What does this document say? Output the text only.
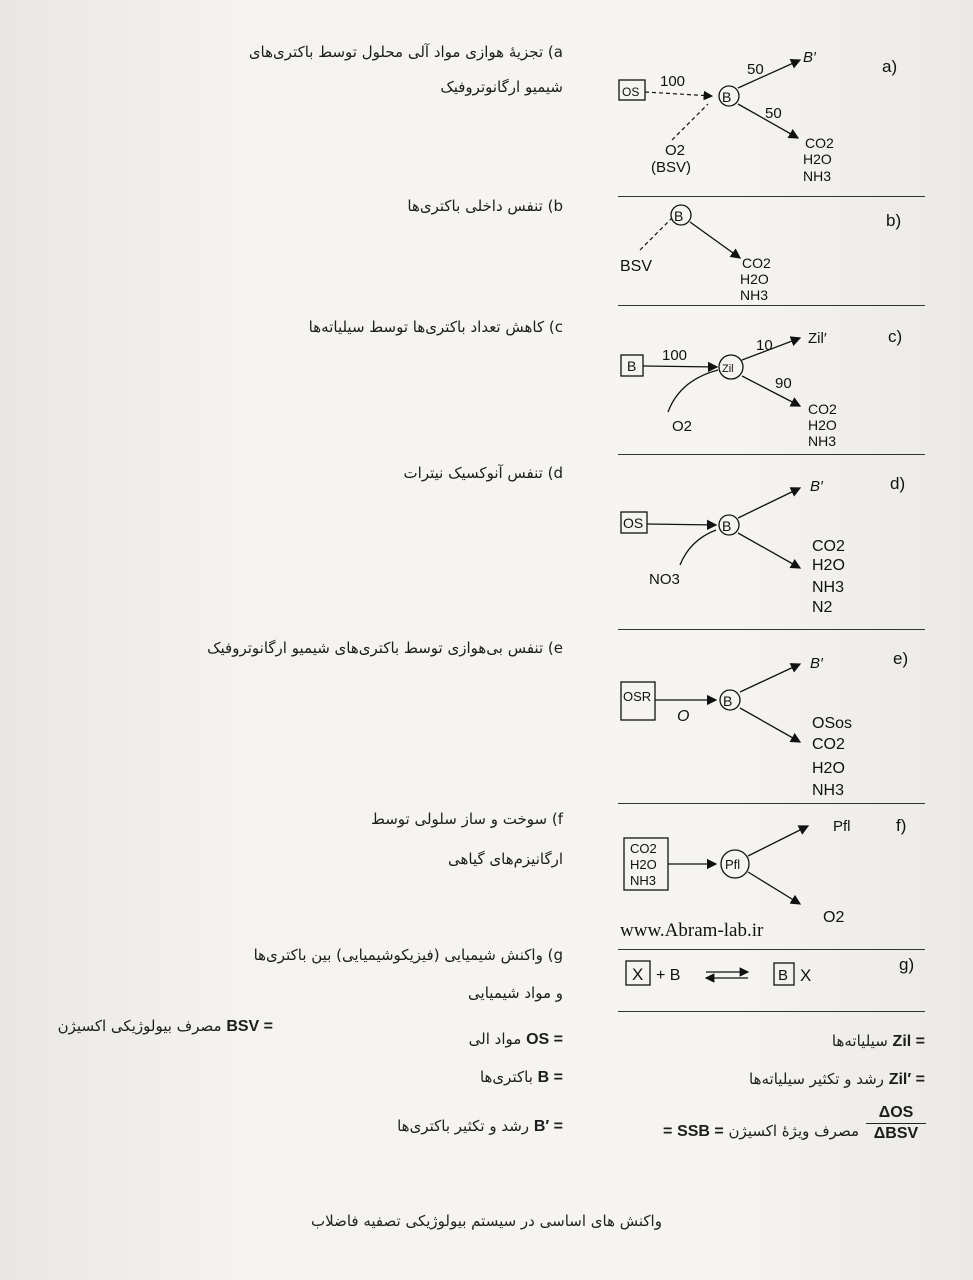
a) تجزیهٔ هوازی مواد آلی محلول توسط باکتری‌های
شیمیو ارگانوتروفیک
b) تنفس داخلی باکتری‌ها
c) کاهش تعداد باکتری‌ها توسط سیلیاته‌ها
d) تنفس آنوکسیک نیترات
e) تنفس بی‌هوازی توسط باکتری‌های شیمیو ارگانوتروفیک
f) سوخت و ساز سلولی توسط
ارگانیزم‌های گیاهی
g) واکنش شیمیایی (فیزیکوشیمیایی) بین باکتری‌ها
و مواد شیمیایی
a)
b)
c)
d)
e)
f)
g)
OS
100
B
50
B′
50
O2
(BSV)
CO2
H2O
NH3
B
BSV	CO2
H2O
NH3
B
100
Zil
10 Zil′
90
O2
CO2
H2O
NH3
OS	B
B′
NO3
CO2
H2O
NH3
N2
OSR
O
B
B′
OSos
CO2
H2O
NH3
CO2
H2O
NH3
Pfl
Pfl
O2
X + B	B X
www.Abram-lab.ir
BSV = مصرف بیولوژیکی اکسیژن
OS = مواد الی
B = باکتری‌ها
B′ = رشد و تکثیر باکتری‌ها
Zil = سیلیاته‌ها
Zil′ = رشد و تکثیر سیلیاته‌ها
ΔOS
ΔBSV
مصرف ویژهٔ اکسیژن SSB = =
واکنش های اساسی در سیستم بیولوژیکی تصفیه فاضلاب
